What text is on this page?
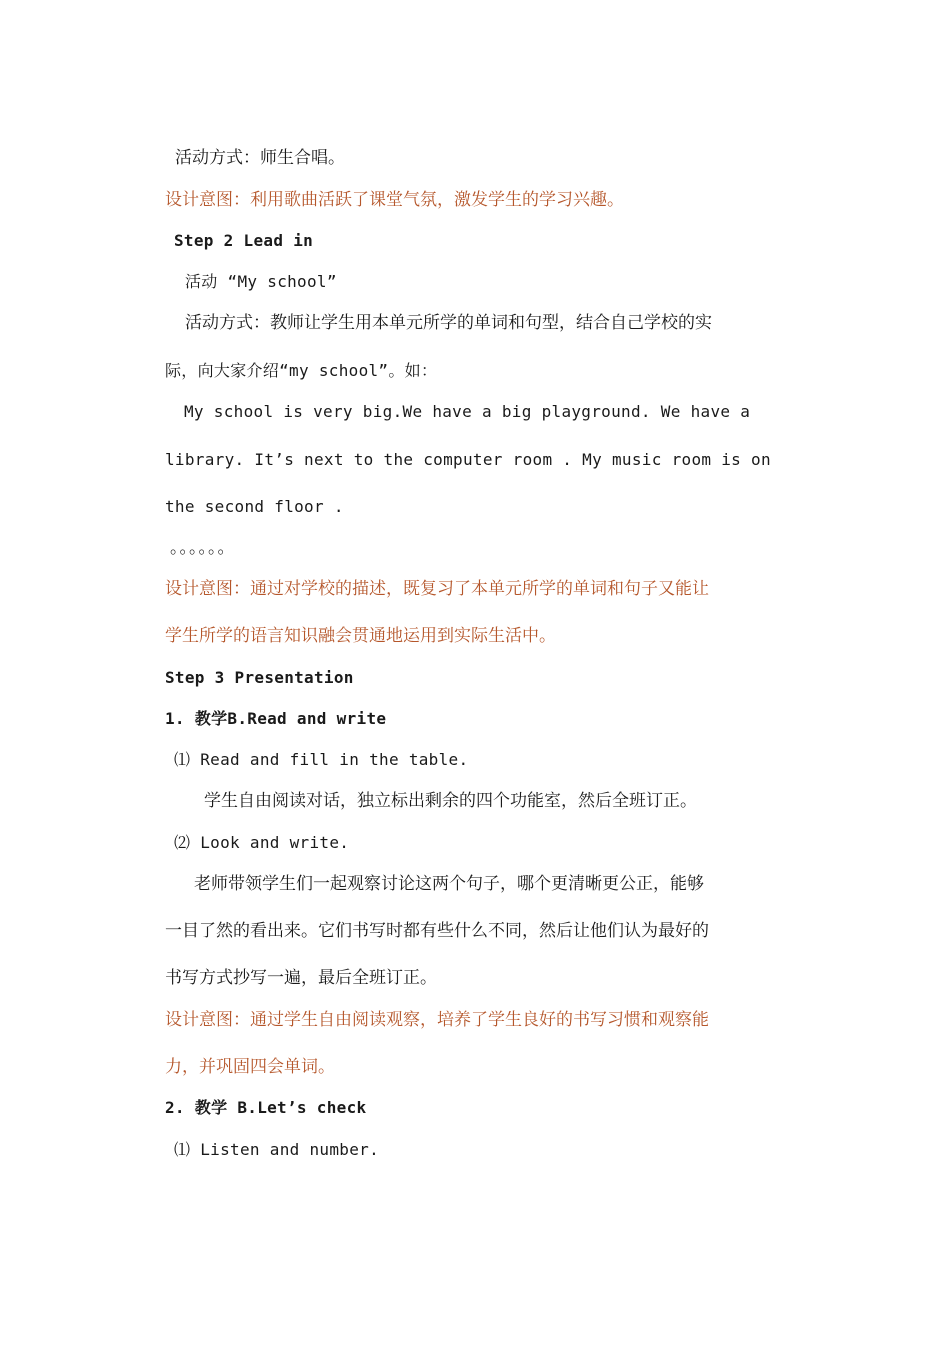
活动方式：师生合唱。

设计意图：利用歌曲活跃了课堂气氛，激发学生的学习兴趣。

Step 2 Lead in

活动 “My school”

活动方式：教师让学生用本单元所学的单词和句型，结合自己学校的实

际，向大家介绍“my school”。如：

My school is very big.We have a big playground. We have a

library. It’s next to the computer room . My music room is on

the second floor .

。。。。。。

设计意图：通过对学校的描述，既复习了本单元所学的单词和句子又能让

学生所学的语言知识融会贯通地运用到实际生活中。

Step 3 Presentation

1. 教学B.Read and write

⑴ Read and fill in the table.

学生自由阅读对话，独立标出剩余的四个功能室，然后全班订正。

⑵ Look and write.

老师带领学生们一起观察讨论这两个句子，哪个更清晰更公正，能够

一目了然的看出来。它们书写时都有些什么不同，然后让他们认为最好的

书写方式抄写一遍，最后全班订正。

设计意图：通过学生自由阅读观察，培养了学生良好的书写习惯和观察能

力，并巩固四会单词。

2. 教学 B.Let’s check

⑴ Listen and number.
